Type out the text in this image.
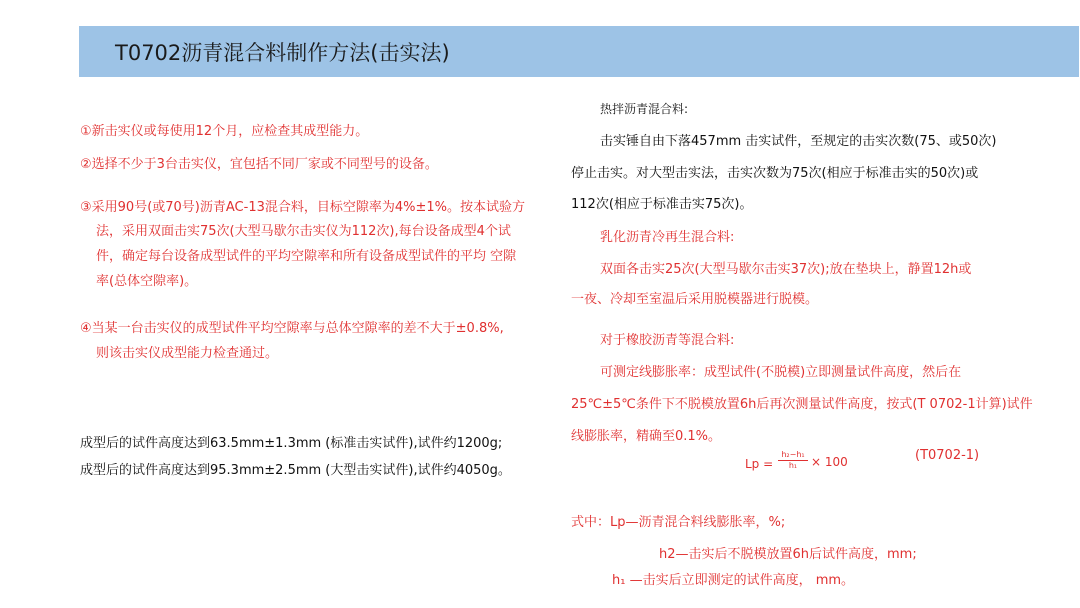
T0702沥青混合料制作方法(击实法)
①新击实仪或每使用12个月，应检查其成型能力。
②选择不少于3台击实仪，宜包括不同厂家或不同型号的设备。
③采用90号(或70号)沥青AC-13混合料，目标空隙率为4%±1%。按本试验方
法，采用双面击实75次(大型马歇尔击实仪为112次),每台设备成型4个试
件，确定每台设备成型试件的平均空隙率和所有设备成型试件的平均 空隙
率(总体空隙率)。
④当某一台击实仪的成型试件平均空隙率与总体空隙率的差不大于±0.8%,
则该击实仪成型能力检查通过。
成型后的试件高度达到63.5mm±1.3mm (标准击实试件),试件约1200g;
成型后的试件高度达到95.3mm±2.5mm (大型击实试件),试件约4050g。
热拌沥青混合料:
击实锤自由下落457mm 击实试件，至规定的击实次数(75、或50次)
停止击实。对大型击实法，击实次数为75次(相应于标准击实的50次)或
112次(相应于标准击实75次)。
乳化沥青冷再生混合料:
双面各击实25次(大型马歇尔击实37次);放在垫块上，静置12h或
一夜、冷却至室温后采用脱模器进行脱模。
对于橡胶沥青等混合料:
可测定线膨胀率：成型试件(不脱模)立即测量试件高度，然后在
25℃±5℃条件下不脱模放置6h后再次测量试件高度，按式(T 0702-1计算)试件
线膨胀率，精确至0.1%。
$Lp = \frac{\text{h₂−h₁}}{\text{h₁}} \times 100$	(T0702-1)
式中：Lp—沥青混合料线膨胀率，%;
h2—击实后不脱模放置6h后试件高度，mm;
h₁ —击实后立即测定的试件高度， mm。
